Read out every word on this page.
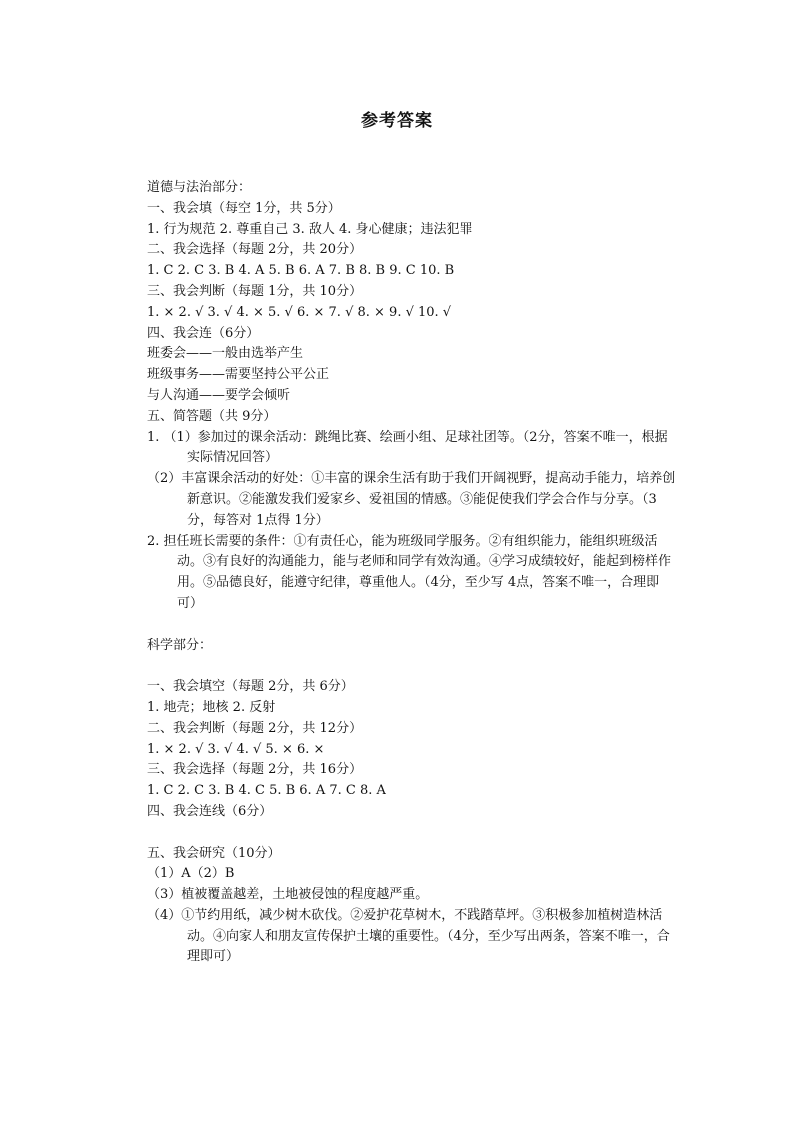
参考答案
道德与法治部分：
一、我会填（每空 1分，共 5分）
1. 行为规范 2. 尊重自己 3. 敌人 4. 身心健康；违法犯罪
二、我会选择（每题 2分，共 20分）
1. C 2. C 3. B 4. A 5. B 6. A 7. B 8. B 9. C 10. B
三、我会判断（每题 1分，共 10分）
1. × 2. √ 3. √ 4. × 5. √ 6. × 7. √ 8. × 9. √ 10. √
四、我会连（6分）
班委会——一般由选举产生
班级事务——需要坚持公平公正
与人沟通——要学会倾听
五、简答题（共 9分）
1. （1）参加过的课余活动：跳绳比赛、绘画小组、足球社团等。（2分，答案不唯一，根据实际情况回答）
（2）丰富课余活动的好处：①丰富的课余生活有助于我们开阔视野，提高动手能力，培养创新意识。②能激发我们爱家乡、爱祖国的情感。③能促使我们学会合作与分享。（3分，每答对 1点得 1分）
2. 担任班长需要的条件：①有责任心，能为班级同学服务。②有组织能力，能组织班级活动。③有良好的沟通能力，能与老师和同学有效沟通。④学习成绩较好，能起到榜样作用。⑤品德良好，能遵守纪律，尊重他人。（4分，至少写 4点，答案不唯一，合理即可）
科学部分：
一、我会填空（每题 2分，共 6分）
1. 地壳；地核 2. 反射
二、我会判断（每题 2分，共 12分）
1. × 2. √ 3. √ 4. √ 5. × 6. ×
三、我会选择（每题 2分，共 16分）
1. C 2. C 3. B 4. C 5. B 6. A 7. C 8. A
四、我会连线（6分）
五、我会研究（10分）
（1）A（2）B
（3）植被覆盖越差，土地被侵蚀的程度越严重。
（4）①节约用纸，减少树木砍伐。②爱护花草树木，不践踏草坪。③积极参加植树造林活动。④向家人和朋友宣传保护土壤的重要性。（4分，至少写出两条，答案不唯一，合理即可）
